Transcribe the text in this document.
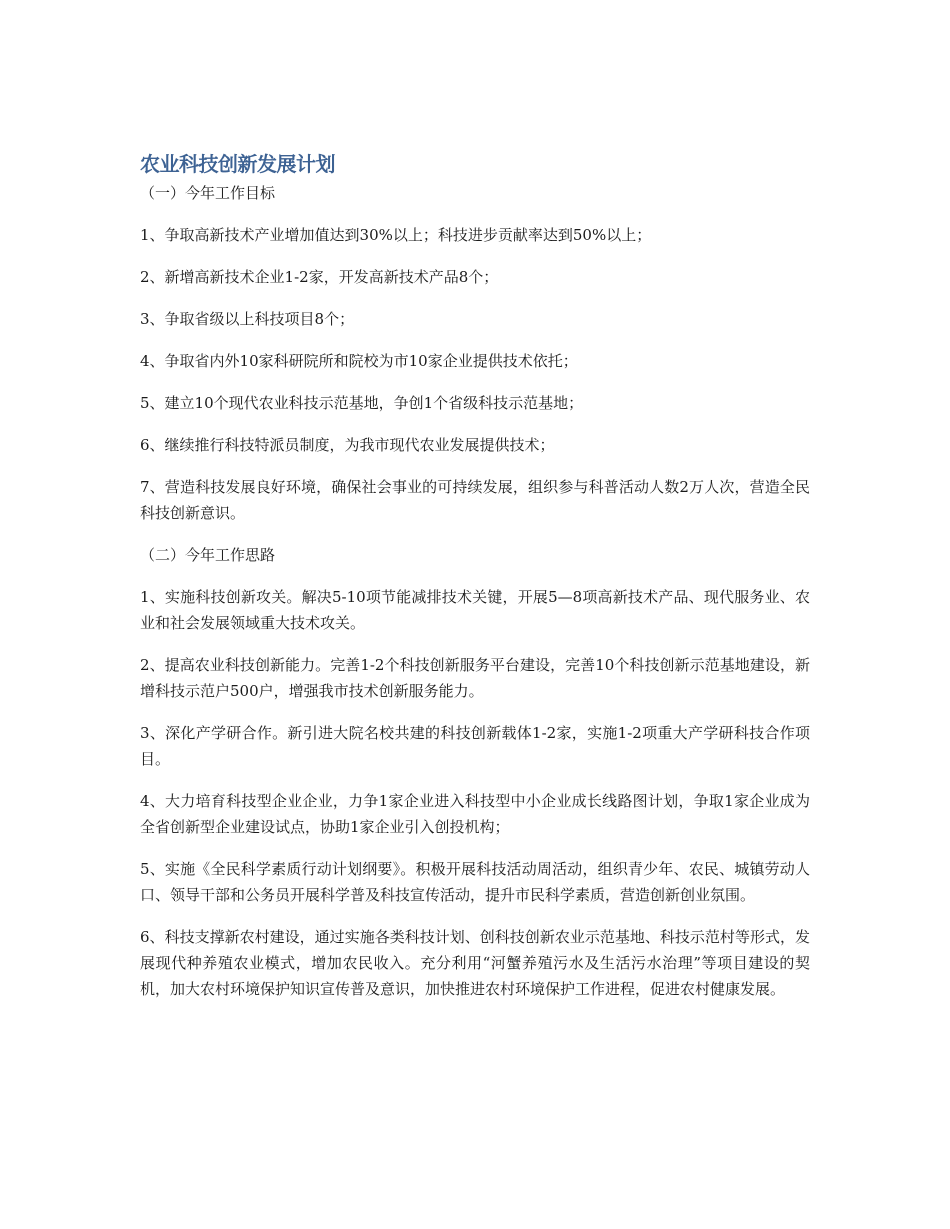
农业科技创新发展计划

（一）今年工作目标

1、争取高新技术产业增加值达到30%以上；科技进步贡献率达到50%以上；

2、新增高新技术企业1-2家，开发高新技术产品8个；

3、争取省级以上科技项目8个；

4、争取省内外10家科研院所和院校为市10家企业提供技术依托；

5、建立10个现代农业科技示范基地，争创1个省级科技示范基地；

6、继续推行科技特派员制度，为我市现代农业发展提供技术；

7、营造科技发展良好环境，确保社会事业的可持续发展，组织参与科普活动人数2万人次，营造全民科技创新意识。

（二）今年工作思路

1、实施科技创新攻关。解决5-10项节能减排技术关键，开展5—8项高新技术产品、现代服务业、农业和社会发展领域重大技术攻关。

2、提高农业科技创新能力。完善1-2个科技创新服务平台建设，完善10个科技创新示范基地建设，新增科技示范户500户，增强我市技术创新服务能力。

3、深化产学研合作。新引进大院名校共建的科技创新载体1-2家，实施1-2项重大产学研科技合作项目。

4、大力培育科技型企业企业，力争1家企业进入科技型中小企业成长线路图计划，争取1家企业成为全省创新型企业建设试点，协助1家企业引入创投机构；

5、实施《全民科学素质行动计划纲要》。积极开展科技活动周活动，组织青少年、农民、城镇劳动人口、领导干部和公务员开展科学普及科技宣传活动，提升市民科学素质，营造创新创业氛围。

6、科技支撑新农村建设，通过实施各类科技计划、创科技创新农业示范基地、科技示范村等形式，发展现代种养殖农业模式，增加农民收入。充分利用“河蟹养殖污水及生活污水治理”等项目建设的契机，加大农村环境保护知识宣传普及意识，加快推进农村环境保护工作进程，促进农村健康发展。
